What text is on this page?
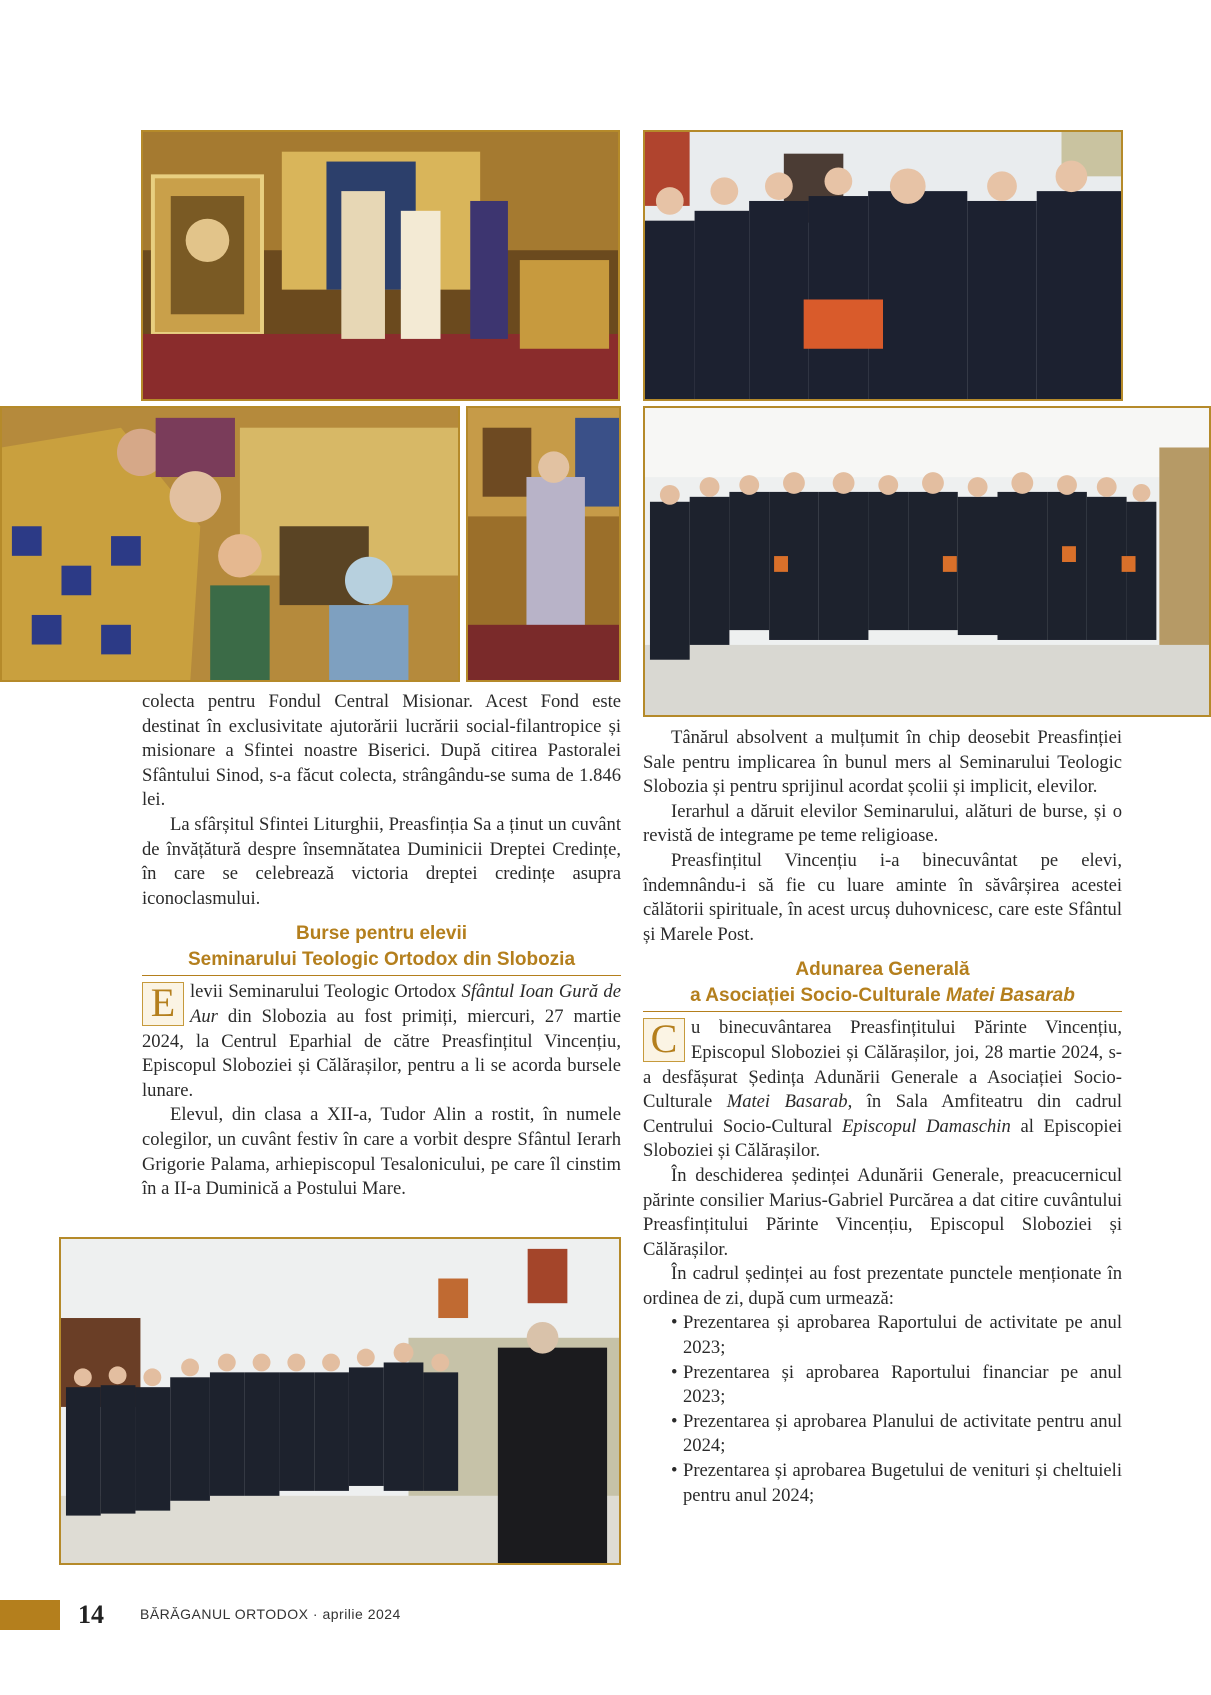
colecta pentru Fondul Central Misionar. Acest Fond este destinat în exclusivitate ajutorării lucrării social-filantropice și misionare a Sfintei noastre Biserici. După citirea Pastoralei Sfântului Sinod, s-a făcut colecta, strângându-se suma de 1.846 lei.

La sfârșitul Sfintei Liturghii, Preasfinția Sa a ținut un cuvânt de învățătură despre însemnătatea Duminicii Dreptei Credințe, în care se celebrează victoria dreptei credințe asupra iconoclasmului.

Burse pentru elevii
Seminarului Teologic Ortodox din Slobozia

E levii Seminarului Teologic Ortodox Sfântul Ioan Gură de Aur din Slobozia au fost primiți, miercuri, 27 martie 2024, la Centrul Eparhial de către Preasfințitul Vincențiu, Episcopul Sloboziei și Călărașilor, pentru a li se acorda bursele lunare.

Elevul, din clasa a XII-a, Tudor Alin a rostit, în numele colegilor, un cuvânt festiv în care a vorbit despre Sfântul Ierarh Grigorie Palama, arhiepiscopul Tesalonicului, pe care îl cinstim în a II-a Duminică a Postului Mare.

Tânărul absolvent a mulțumit în chip deosebit Preasfinției Sale pentru implicarea în bunul mers al Seminarului Teologic Slobozia și pentru sprijinul acordat școlii și implicit, elevilor.

Ierarhul a dăruit elevilor Seminarului, alături de burse, și o revistă de integrame pe teme religioase.

Preasfințitul Vincențiu i-a binecuvântat pe elevi, îndemnându-i să fie cu luare aminte în săvârșirea acestei călătorii spirituale, în acest urcuș duhovnicesc, care este Sfântul și Marele Post.

Adunarea Generală
a Asociației Socio-Culturale Matei Basarab

C u binecuvântarea Preasfințitului Părinte Vincențiu, Episcopul Sloboziei și Călărașilor, joi, 28 martie 2024, s-a desfășurat Ședința Adunării Generale a Asociației Socio-Culturale Matei Basarab, în Sala Amfiteatru din cadrul Centrului Socio-Cultural Episcopul Damaschin al Episcopiei Sloboziei și Călărașilor.

În deschiderea ședinței Adunării Generale, preacucernicul părinte consilier Marius-Gabriel Purcărea a dat citire cuvântului Preasfințitului Părinte Vincențiu, Episcopul Sloboziei și Călărașilor.

În cadrul ședinței au fost prezentate punctele menționate în ordinea de zi, după cum urmează:

• Prezentarea și aprobarea Raportului de activitate pe anul 2023;
• Prezentarea și aprobarea Raportului financiar pe anul 2023;
• Prezentarea și aprobarea Planului de activitate pentru anul 2024;
• Prezentarea și aprobarea Bugetului de venituri și cheltuieli pentru anul 2024;
14	BĂRĂGANUL ORTODOX · aprilie 2024
